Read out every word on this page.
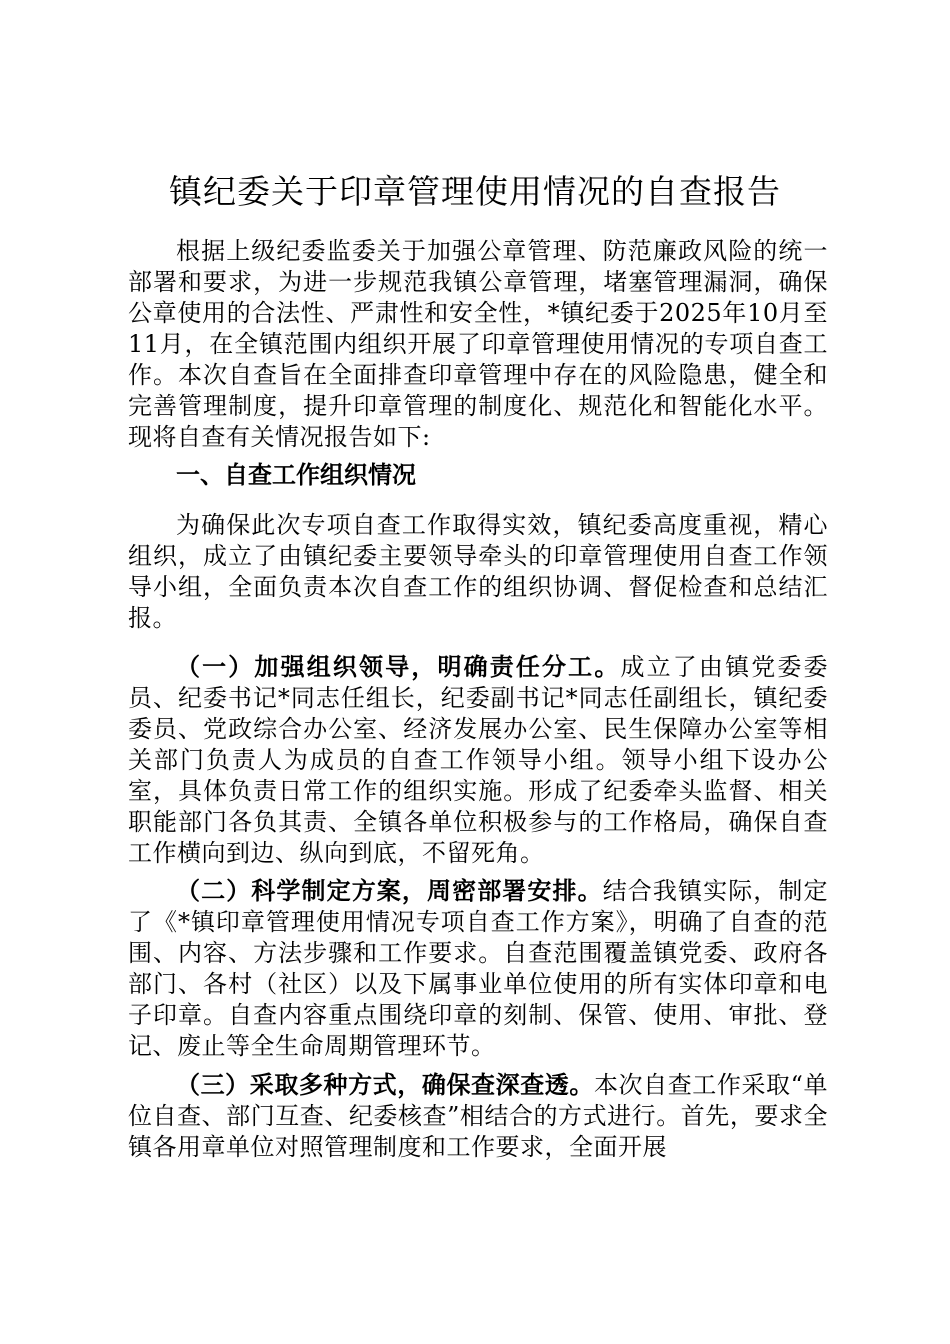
镇纪委关于印章管理使用情况的自查报告

根据上级纪委监委关于加强公章管理、防范廉政风险的统一部署和要求，为进一步规范我镇公章管理，堵塞管理漏洞，确保公章使用的合法性、严肃性和安全性，*镇纪委于2025年10月至11月，在全镇范围内组织开展了印章管理使用情况的专项自查工作。本次自查旨在全面排查印章管理中存在的风险隐患，健全和完善管理制度，提升印章管理的制度化、规范化和智能化水平。现将自查有关情况报告如下:

一、自查工作组织情况

为确保此次专项自查工作取得实效，镇纪委高度重视，精心组织，成立了由镇纪委主要领导牵头的印章管理使用自查工作领导小组，全面负责本次自查工作的组织协调、督促检查和总结汇报。

（一）加强组织领导，明确责任分工。成立了由镇党委委员、纪委书记*同志任组长，纪委副书记*同志任副组长，镇纪委委员、党政综合办公室、经济发展办公室、民生保障办公室等相关部门负责人为成员的自查工作领导小组。领导小组下设办公室，具体负责日常工作的组织实施。形成了纪委牵头监督、相关职能部门各负其责、全镇各单位积极参与的工作格局，确保自查工作横向到边、纵向到底，不留死角。

（二）科学制定方案，周密部署安排。结合我镇实际，制定了《*镇印章管理使用情况专项自查工作方案》，明确了自查的范围、内容、方法步骤和工作要求。自查范围覆盖镇党委、政府各部门、各村（社区）以及下属事业单位使用的所有实体印章和电子印章。自查内容重点围绕印章的刻制、保管、使用、审批、登记、废止等全生命周期管理环节。

（三）采取多种方式，确保查深查透。本次自查工作采取“单位自查、部门互查、纪委核查”相结合的方式进行。首先，要求全镇各用章单位对照管理制度和工作要求，全面开展
